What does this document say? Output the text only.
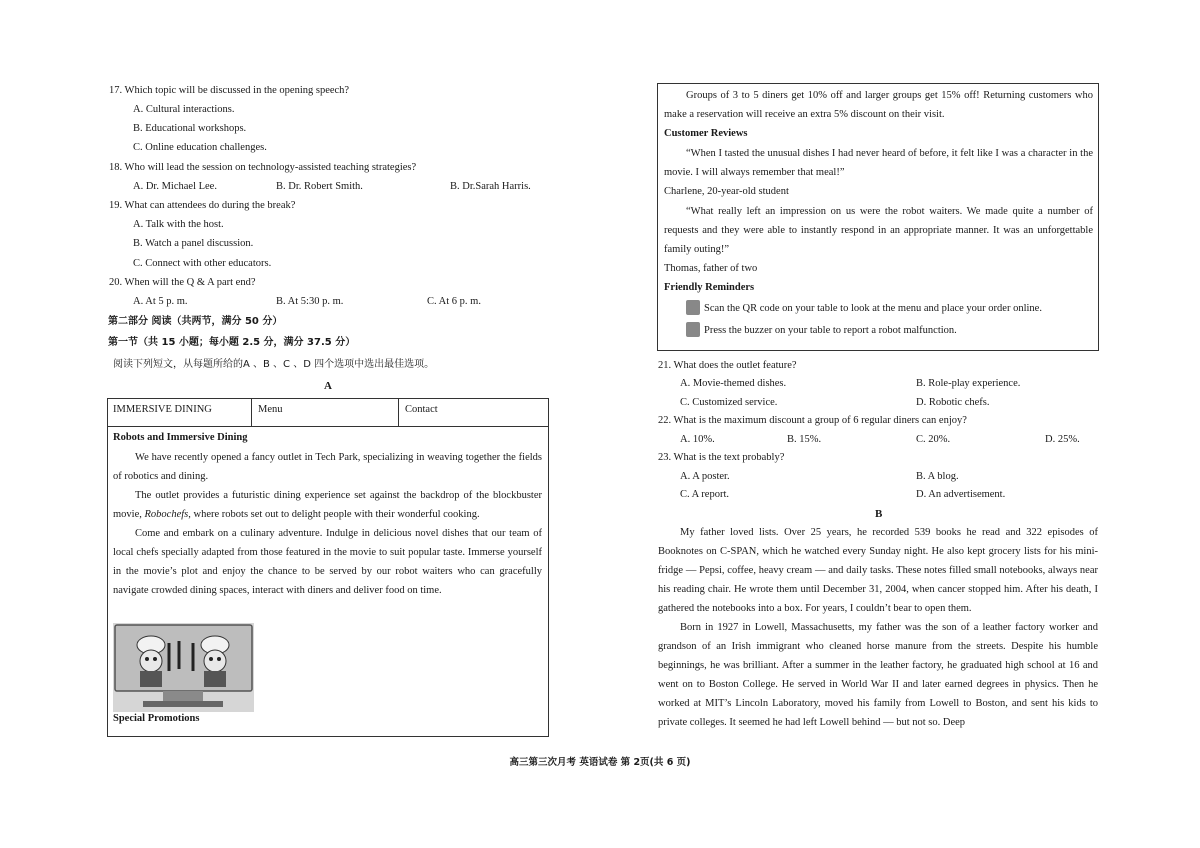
17. Which topic will be discussed in the opening speech?
A. Cultural interactions.
B. Educational workshops.
C. Online education challenges.
18. Who will lead the session on technology-assisted teaching strategies?
A. Dr. Michael Lee.	B. Dr. Robert Smith.	B. Dr.Sarah Harris.
19. What can attendees do during the break?
A. Talk with the host.
B. Watch a panel discussion.
C. Connect with other educators.
20. When will the Q & A part end?
A. At 5 p. m.	B. At 5:30 p. m.	C. At 6 p. m.
第二部分 阅读（共两节，满分 50 分）
第一节（共 15 小题；每小题 2.5 分，满分 37.5 分）
阅读下列短文，从每题所给的A 、B 、C 、D 四个选项中选出最佳选项。
A
IMMERSIVE DINING	Menu	Contact
Robots and Immersive Dining

We have recently opened a fancy outlet in Tech Park, specializing in weaving together the fields of robotics and dining.

The outlet provides a futuristic dining experience set against the backdrop of the blockbuster movie, Robochefs, where robots set out to delight people with their wonderful cooking.

Come and embark on a culinary adventure. Indulge in delicious novel dishes that our team of local chefs specially adapted from those featured in the movie to suit popular taste. Immerse yourself in the movie’s plot and enjoy the chance to be served by our robot waiters who can gracefully navigate crowded dining spaces, interact with diners and deliver food on time.

Special Promotions

Groups of 3 to 5 diners get 10% off and larger groups get 15% off! Returning customers who make a reservation will receive an extra 5% discount on their visit.

Customer Reviews

“When I tasted the unusual dishes I had never heard of before, it felt like I was a character in the movie. I will always remember that meal!”

Charlene, 20-year-old student

“What really left an impression on us were the robot waiters. We made quite a number of requests and they were able to instantly respond in an appropriate manner. It was an unforgettable family outing!”

Thomas, father of two

Friendly Reminders
Scan the QR code on your table to look at the menu and place your order online.
Press the buzzer on your table to report a robot malfunction.
21. What does the outlet feature?
A. Movie-themed dishes.	B. Role-play experience.
C. Customized service.	D. Robotic chefs.
22. What is the maximum discount a group of 6 regular diners can enjoy?
A. 10%.	B. 15%.	C. 20%.	D. 25%.
23. What is the text probably?
A. A poster.	B. A blog.
C. A report.	D. An advertisement.
B

My father loved lists. Over 25 years, he recorded 539 books he read and 322 episodes of Booknotes on C-SPAN, which he watched every Sunday night. He also kept grocery lists for his mini-fridge — Pepsi, coffee, heavy cream — and daily tasks. These notes filled small notebooks, always near his reading chair. He wrote them until December 31, 2004, when cancer stopped him. After his death, I gathered the notebooks into a box. For years, I couldn’t bear to open them.

Born in 1927 in Lowell, Massachusetts, my father was the son of a leather factory worker and grandson of an Irish immigrant who cleaned horse manure from the streets. Despite his humble beginnings, he was brilliant. After a summer in the leather factory, he graduated high school at 16 and went on to Boston College. He served in World War II and later earned degrees in physics. Then he worked at MIT’s Lincoln Laboratory, moved his family from Lowell to Boston, and sent his kids to private colleges. It seemed he had left Lowell behind — but not so. Deep

高三第三次月考 英语试卷 第 2页(共 6 页)
